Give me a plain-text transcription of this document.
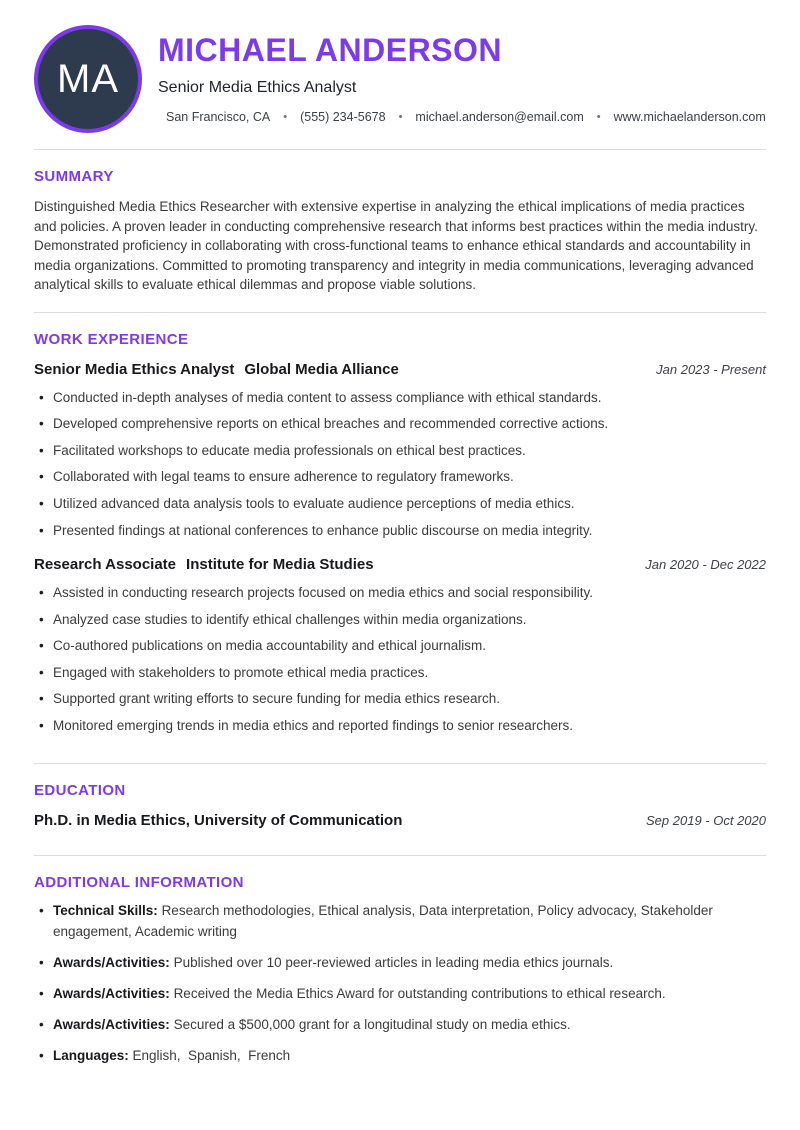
MA
MICHAEL ANDERSON
Senior Media Ethics Analyst
San Francisco, CA • (555) 234-5678 • michael.anderson@email.com • www.michaelanderson.com
SUMMARY
Distinguished Media Ethics Researcher with extensive expertise in analyzing the ethical implications of media practices and policies. A proven leader in conducting comprehensive research that informs best practices within the media industry. Demonstrated proficiency in collaborating with cross-functional teams to enhance ethical standards and accountability in media organizations. Committed to promoting transparency and integrity in media communications, leveraging advanced analytical skills to evaluate ethical dilemmas and propose viable solutions.
WORK EXPERIENCE
Senior Media Ethics Analyst Global Media Alliance	Jan 2023 - Present
• Conducted in-depth analyses of media content to assess compliance with ethical standards.
• Developed comprehensive reports on ethical breaches and recommended corrective actions.
• Facilitated workshops to educate media professionals on ethical best practices.
• Collaborated with legal teams to ensure adherence to regulatory frameworks.
• Utilized advanced data analysis tools to evaluate audience perceptions of media ethics.
• Presented findings at national conferences to enhance public discourse on media integrity.
Research Associate Institute for Media Studies	Jan 2020 - Dec 2022
• Assisted in conducting research projects focused on media ethics and social responsibility.
• Analyzed case studies to identify ethical challenges within media organizations.
• Co-authored publications on media accountability and ethical journalism.
• Engaged with stakeholders to promote ethical media practices.
• Supported grant writing efforts to secure funding for media ethics research.
• Monitored emerging trends in media ethics and reported findings to senior researchers.
EDUCATION
Ph.D. in Media Ethics, University of Communication	Sep 2019 - Oct 2020
ADDITIONAL INFORMATION
• Technical Skills: Research methodologies, Ethical analysis, Data interpretation, Policy advocacy, Stakeholder engagement, Academic writing
• Awards/Activities: Published over 10 peer-reviewed articles in leading media ethics journals.
• Awards/Activities: Received the Media Ethics Award for outstanding contributions to ethical research.
• Awards/Activities: Secured a $500,000 grant for a longitudinal study on media ethics.
• Languages: English,  Spanish,  French
